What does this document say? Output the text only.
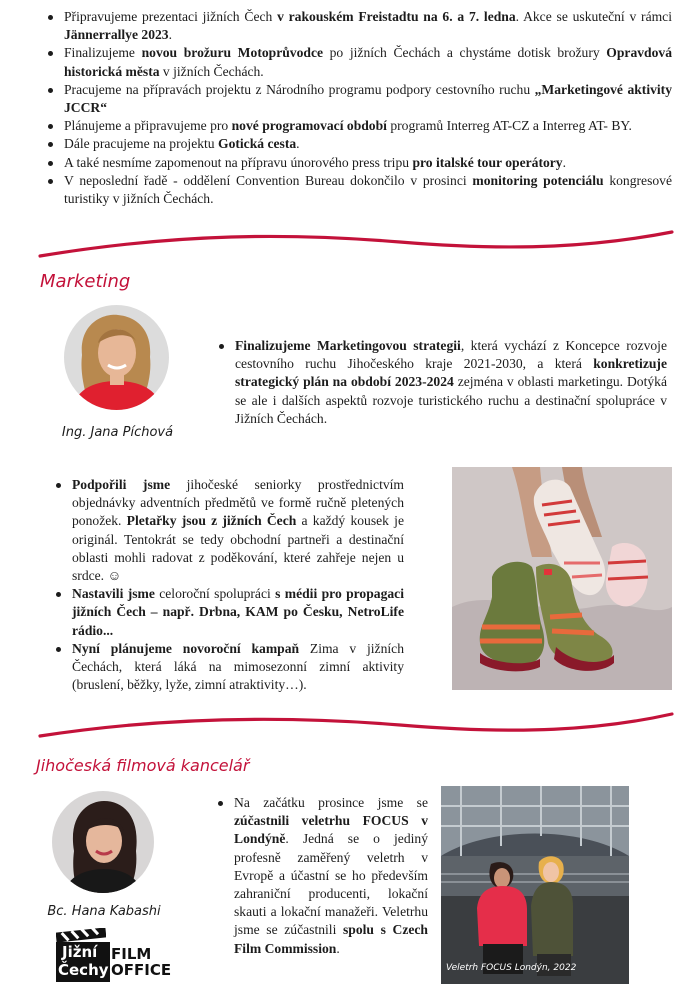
Připravujeme prezentaci jižních Čech v rakouském Freistadtu na 6. a 7. ledna. Akce se uskuteční v rámci Jännerrallye 2023.
Finalizujeme novou brožuru Motoprůvodce po jižních Čechách a chystáme dotisk brožury Opravdová historická města v jižních Čechách.
Pracujeme na přípravách projektu z Národního programu podpory cestovního ruchu „Marketingové aktivity JCCR“
Plánujeme a připravujeme pro nové programovací období programů Interreg AT-CZ a Interreg AT- BY.
Dále pracujeme na projektu Gotická cesta.
A také nesmíme zapomenout na přípravu únorového press tripu pro italské tour operátory.
V neposlední řadě - oddělení Convention Bureau dokončilo v prosinci monitoring potenciálu kongresové turistiky v jižních Čechách.
Marketing
Ing. Jana Píchová
Finalizujeme Marketingovou strategii, která vychází z Koncepce rozvoje cestovního ruchu Jihočeského kraje 2021-2030, a která konkretizuje strategický plán na období 2023-2024 zejména v oblasti marketingu. Dotýká se ale i dalších aspektů rozvoje turistického ruchu a destinační spolupráce v Jižních Čechách.
Podpořili jsme jihočeské seniorky prostřednictvím objednávky adventních předmětů ve formě ručně pletených ponožek. Pletařky jsou z jižních Čech a každý kousek je originál. Tentokrát se tedy obchodní partneři a destinační oblasti mohli radovat z poděkování, které zahřeje nejen u srdce. ☺
Nastavili jsme celoroční spolupráci s médii pro propagaci jižních Čech – např. Drbna, KAM po Česku, NetroLife rádio...
Nyní plánujeme novoroční kampaň Zima v jižních Čechách, která láká na mimosezonní zimní aktivity (bruslení, běžky, lyže, zimní atraktivity…).
Jihočeská filmová kancelář
Bc. Hana Kabashi
Jižní
Čechy
FILM
OFFICE
Na začátku prosince jsme se zúčastnili veletrhu FOCUS v Londýně. Jedná se o jediný profesně zaměřený veletrh v Evropě a účastní se ho především zahraniční producenti, lokační skauti a lokační manažeři. Veletrhu jsme se zúčastnili spolu s Czech Film Commission.
Veletrh FOCUS Londýn, 2022
